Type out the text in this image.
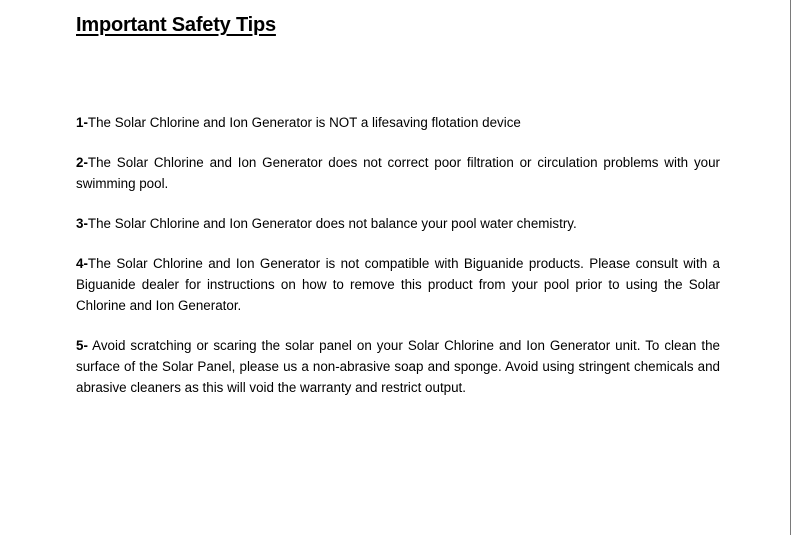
Important Safety Tips
1-The Solar Chlorine and Ion Generator is NOT a lifesaving flotation device
2-The Solar Chlorine and Ion Generator does not correct poor filtration or circulation problems with your swimming pool.
3-The Solar Chlorine and Ion Generator does not balance your pool water chemistry.
4-The Solar Chlorine and Ion Generator is not compatible with Biguanide products. Please consult with a Biguanide dealer for instructions on how to remove this product from your pool prior to using the Solar Chlorine and Ion Generator.
5- Avoid scratching or scaring the solar panel on your Solar Chlorine and Ion Generator unit. To clean the surface of the Solar Panel, please us a non-abrasive soap and sponge. Avoid using stringent chemicals and abrasive cleaners as this will void the warranty and restrict output.
